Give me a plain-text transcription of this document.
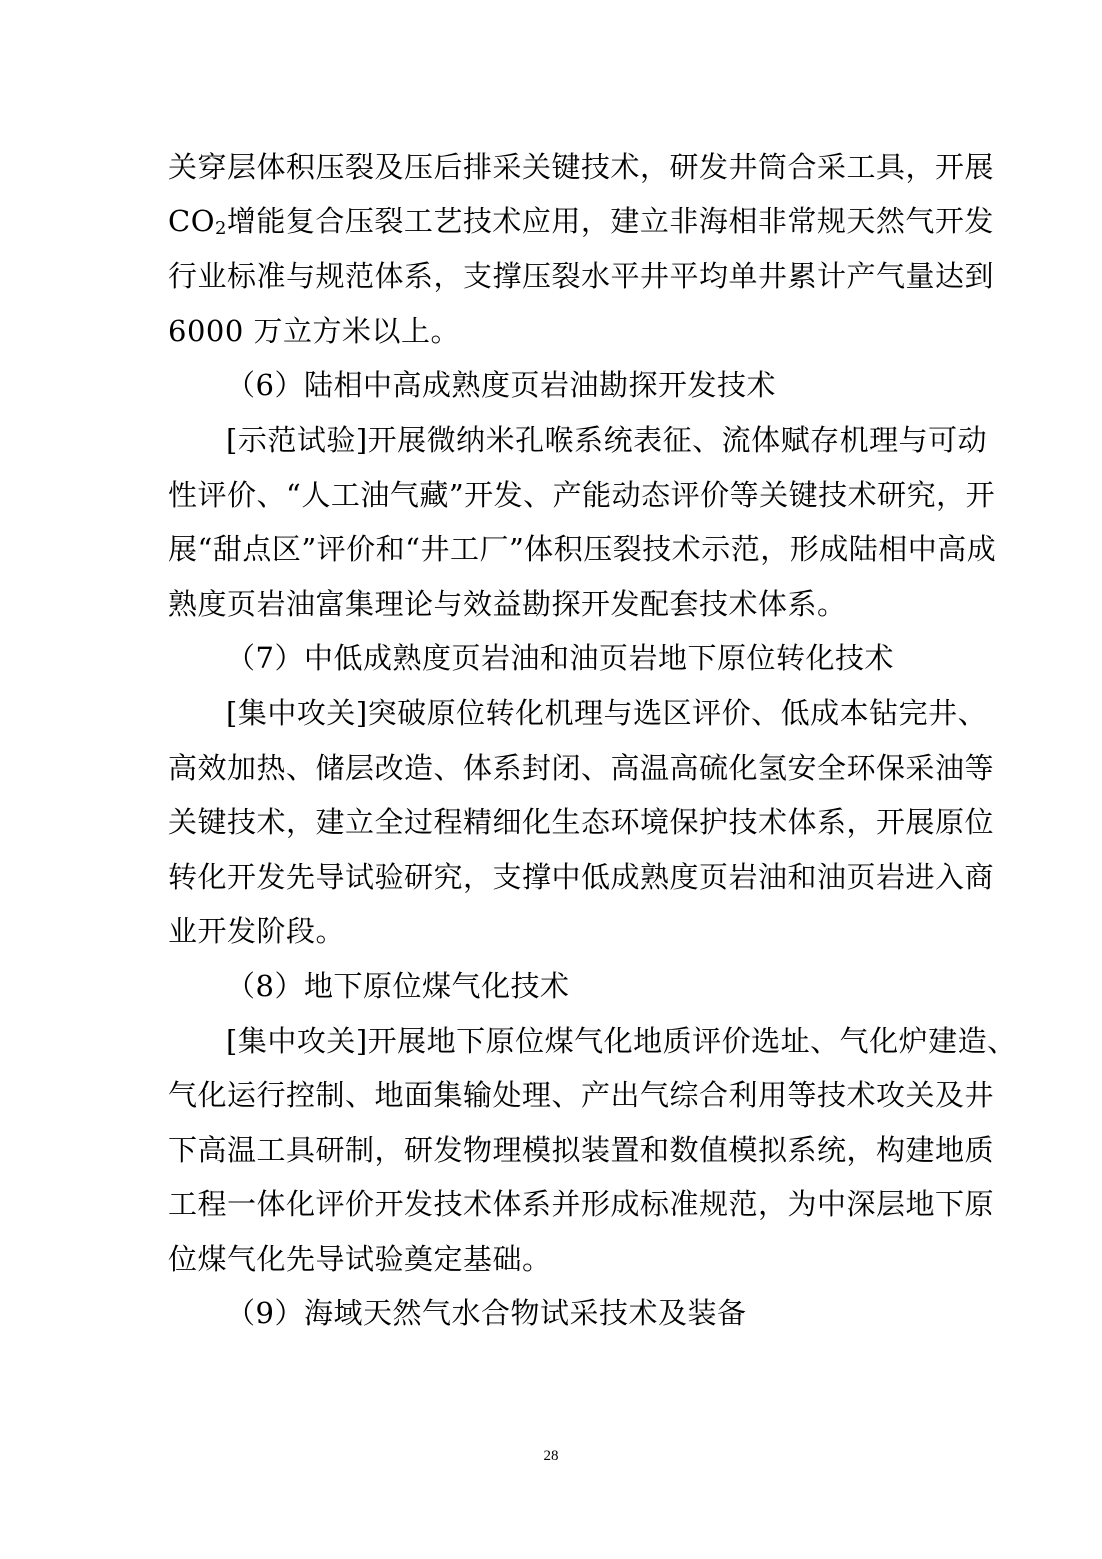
关穿层体积压裂及压后排采关键技术，研发井筒合采工具，开展
$CO_2$增能复合压裂工艺技术应用，建立非海相非常规天然气开发
行业标准与规范体系，支撑压裂水平井平均单井累计产气量达到
6000 万立方米以上。
（6）陆相中高成熟度页岩油勘探开发技术
[示范试验]开展微纳米孔喉系统表征、流体赋存机理与可动
性评价、“人工油气藏”开发、产能动态评价等关键技术研究，开
展“甜点区”评价和“井工厂”体积压裂技术示范，形成陆相中高成
熟度页岩油富集理论与效益勘探开发配套技术体系。
（7）中低成熟度页岩油和油页岩地下原位转化技术
[集中攻关]突破原位转化机理与选区评价、低成本钻完井、
高效加热、储层改造、体系封闭、高温高硫化氢安全环保采油等
关键技术，建立全过程精细化生态环境保护技术体系，开展原位
转化开发先导试验研究，支撑中低成熟度页岩油和油页岩进入商
业开发阶段。
（8）地下原位煤气化技术
[集中攻关]开展地下原位煤气化地质评价选址、气化炉建造、
气化运行控制、地面集输处理、产出气综合利用等技术攻关及井
下高温工具研制，研发物理模拟装置和数值模拟系统，构建地质
工程一体化评价开发技术体系并形成标准规范，为中深层地下原
位煤气化先导试验奠定基础。
（9）海域天然气水合物试采技术及装备
28
